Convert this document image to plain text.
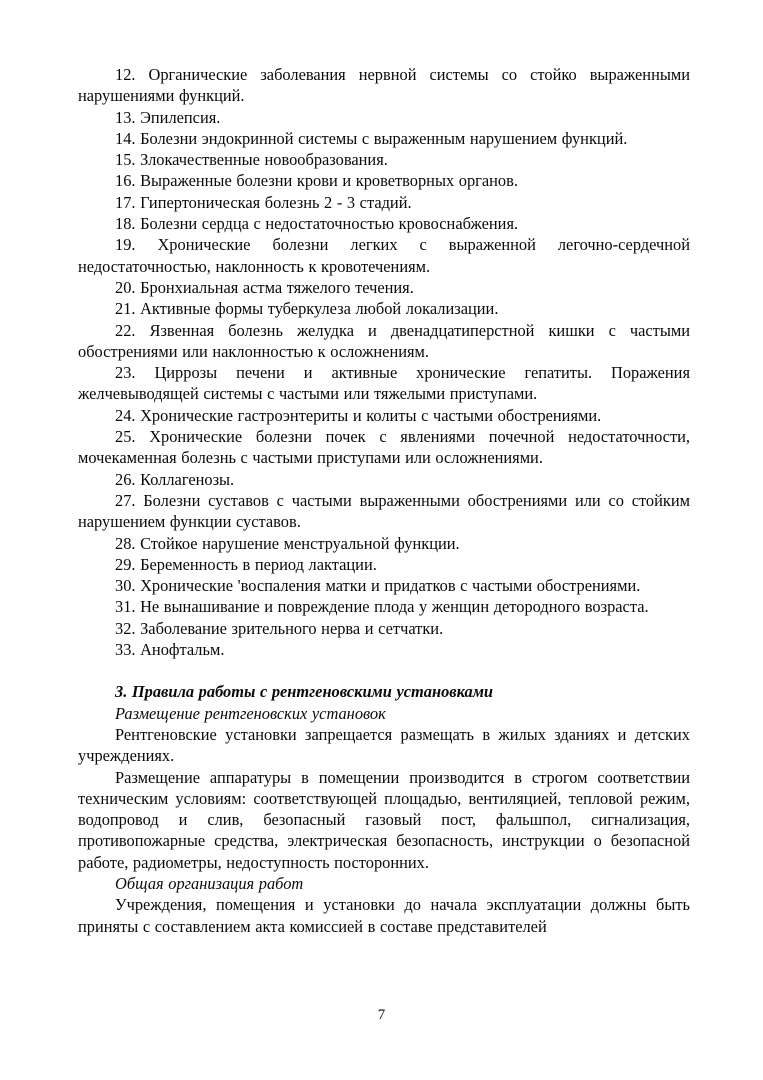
12. Органические заболевания нервной системы со стойко выраженными нарушениями функций.

13. Эпилепсия.

14. Болезни эндокринной системы с выраженным нарушением функций.

15. Злокачественные новообразования.

16. Выраженные болезни крови и кроветворных органов.

17. Гипертоническая болезнь 2 - 3 стадий.

18. Болезни сердца с недостаточностью кровоснабжения.

19. Хронические болезни легких с выраженной легочно-сердечной недостаточностью, наклонность к кровотечениям.

20. Бронхиальная астма тяжелого течения.

21. Активные формы туберкулеза любой локализации.

22. Язвенная болезнь желудка и двенадцатиперстной кишки с частыми обострениями или наклонностью к осложнениям.

23. Циррозы печени и активные хронические гепатиты. Поражения желчевыводящей системы с частыми или тяжелыми приступами.

24. Хронические гастроэнтериты и колиты с частыми обострениями.

25. Хронические болезни почек с явлениями почечной недостаточности, мочекаменная болезнь с частыми приступами или осложнениями.

26. Коллагенозы.

27. Болезни суставов с частыми выраженными обострениями или со стойким нарушением функции суставов.

28. Стойкое нарушение менструальной функции.

29. Беременность в период лактации.

30. Хронические 'воспаления матки и придатков с частыми обострениями.

31. Не вынашивание и повреждение плода у женщин детородного возраста.

32. Заболевание зрительного нерва и сетчатки.

33. Анофтальм.

3. Правила работы с рентгеновскими установками

Размещение рентгеновских установок

Рентгеновские установки запрещается размещать в жилых зданиях и детских учреждениях.

Размещение аппаратуры в помещении производится в строгом соответствии техническим условиям: соответствующей площадью, вентиляцией, тепловой режим, водопровод и слив, безопасный газовый пост, фальшпол, сигнализация, противопожарные средства, электрическая безопасность, инструкции о безопасной работе, радиометры, недоступность посторонних.

Общая организация работ

Учреждения, помещения и установки до начала эксплуатации должны быть приняты с составлением акта комиссией в составе представителей

7
